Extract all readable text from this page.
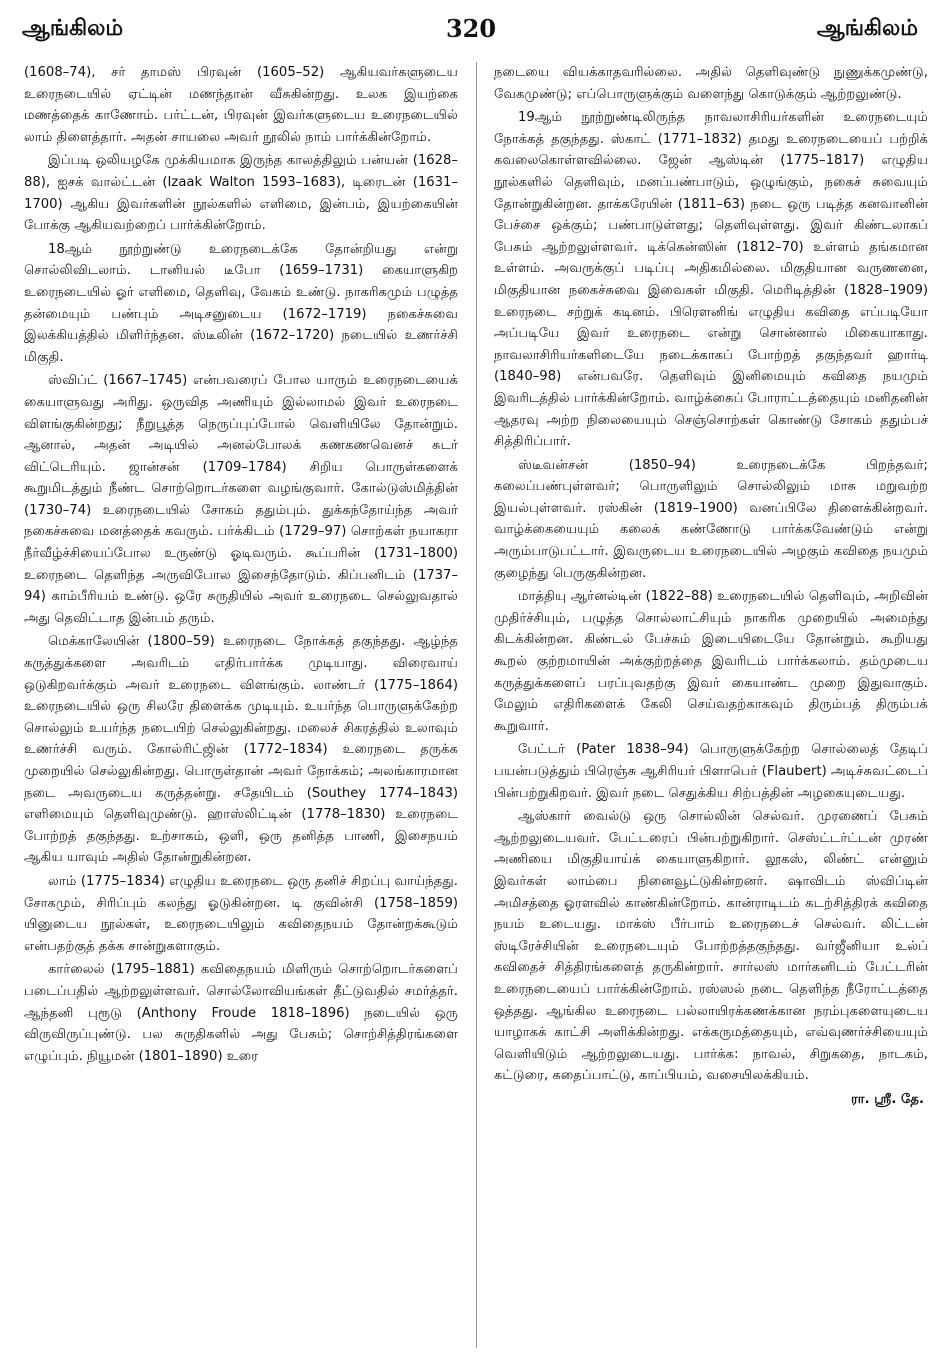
ஆங்கிலம்	320	ஆங்கிலம்

(1608–74), சர் தாமஸ் பிரவுன் (1605–52) ஆகியவர்களுடைய உரைநடையில் ஏட்டின் மணந்தான் வீசுகின்றது. உலக இயற்கை மணத்தைக் காணோம். பர்ட்டன், பிரவுன் இவர்களுடைய உரைநடையில் லாம் திளைத்தார். அதன் சாயலை அவர் நூலில் நாம் பார்க்கின்றோம்.

இப்படி ஒலியழகே முக்கியமாக இருந்த காலத்திலும் பன்யன் (1628–88), ஐசக் வால்ட்டன் (Izaak Walton 1593–1683), டிரைடன் (1631–1700) ஆகிய இவர்களின் நூல்களில் எளிமை, இன்பம், இயற்கையின் போக்கு ஆகியவற்றைப் பார்க்கின்றோம்.

18ஆம் நூற்றுண்டு உரைநடைக்கே தோன்றியது என்று சொல்லிவிடலாம். டானியல் டீபோ (1659–1731) கையாளுகிற உரைநடையில் ஓர் எளிமை, தெளிவு, வேகம் உண்டு. நாகரிகமும் பழுத்த தன்மையும் பண்பும் அடிசனுடைய (1672–1719) நகைச்சுவை இலக்கியத்தில் மிளிர்ந்தன. ஸ்டீலின் (1672–1720) நடையில் உணர்ச்சி மிகுதி.

ஸ்விப்ட் (1667–1745) என்பவரைப் போல யாரும் உரைநடையைக் கையாளுவது அரிது. ஒருவித அணியும் இல்லாமல் இவர் உரைநடை விளங்குகின்றது; நீறுபூத்த நெருப்புப்போல் வெளியிலே தோன்றும். ஆனால், அதன் அடியில் அனல்போலக் கணகணவெனச் சுடர் விட்டெரியும். ஜான்சன் (1709–1784) சிறிய பொருள்களைக் கூறுமிடத்தும் நீண்ட சொற்றொடர்களை வழங்குவார். கோல்டுஸ்மித்தின் (1730–74) உரைநடையில் சோகம் ததும்பும். துக்கந்தோய்ந்த அவர் நகைச்சுவை மனத்தைக் கவரும். பர்க்கிடம் (1729–97) சொற்கள் நயாகரா நீர்வீழ்ச்சியைப்போல உருண்டு ஓடிவரும். கூப்பரின் (1731–1800) உரைநடை தெளிந்த அருவிபோல இசைந்தோடும். கிப்பனிடம் (1737–94) காம்பீரியம் உண்டு. ஒரே சுருதியில் அவர் உரைநடை செல்லுவதால் அது தெவிட்டாத இன்பம் தரும்.

மெக்காலேயின் (1800–59) உரைநடை நோக்கத் தகுந்தது. ஆழ்ந்த கருத்துக்களை அவரிடம் எதிர்பார்க்க முடியாது. விரைவாய் ஒடுகிறவர்க்கும் அவர் உரைநடை விளங்கும். லாண்டர் (1775–1864) உரைநடையில் ஒரு சிலரே திளைக்க முடியும். உயர்ந்த பொருளுக்கேற்ற சொல்லும் உயர்ந்த நடையிற் செல்லுகின்றது. மலைச் சிகரத்தில் உலாவும் உணர்ச்சி வரும். கோல்ரிட்ஜின் (1772–1834) உரைநடை தருக்க முறையில் செல்லுகின்றது. பொருள்தான் அவர் நோக்கம்; அலங்காரமான நடை அவருடைய கருத்தன்று. சதேயிடம் (Southey 1774–1843) எளிமையும் தெளிவுமுண்டு. ஹாஸ்லிட்டின் (1778–1830) உரைநடை போற்றத் தகுந்தது. உற்சாகம், ஒளி, ஒரு தனித்த பாணி, இசைநயம் ஆகிய யாவும் அதில் தோன்றுகின்றன.

லாம் (1775–1834) எழுதிய உரைநடை ஒரு தனிச் சிறப்பு வாய்ந்தது. சோகமும், சிரிப்பும் கலந்து ஓடுகின்றன. டி குவின்சி (1758–1859) யினுடைய நூல்கள், உரைநடையிலும் கவிதைநயம் தோன்றக்கூடும் என்பதற்குத் தக்க சான்றுகளாகும்.

கார்லைல் (1795–1881) கவிதைநயம் மிளிரும் சொற்றொடர்களைப் படைப்பதில் ஆற்றலுள்ளவர். சொல்லோவியங்கள் தீட்டுவதில் சமர்த்தர். ஆந்தனி புரூடு (Anthony Froude 1818–1896) நடையில் ஒரு விருவிருப்புண்டு. பல சுருதிகளில் அது பேசும்; சொற்சித்திரங்களை எழுப்பும். நியூமன் (1801–1890) உரை

நடையை வியக்காதவரில்லை. அதில் தெளிவுண்டு நுணுக்கமுண்டு, வேகமுண்டு; எப்பொருளுக்கும் வளைந்து கொடுக்கும் ஆற்றலுண்டு.

19ஆம் நூற்றுண்டிலிருந்த நாவலாசிரியர்களின் உரைநடையும் நோக்கத் தகுந்தது. ஸ்காட் (1771–1832) தமது உரைநடையைப் பற்றிக் கவலைகொள்ளவில்லை. ஜேன் ஆஸ்டின் (1775–1817) எழுதிய நூல்களில் தெளிவும், மனப்பண்பாடும், ஒழுங்கும், நகைச் சுவையும் தோன்றுகின்றன. தாக்கரேயின் (1811–63) நடை ஒரு படித்த கனவானின் பேச்சை ஒக்கும்; பண்பாடுள்ளது; தெளிவுள்ளது. இவர் கிண்டலாகப் பேசும் ஆற்றலுள்ளவர். டிக்கென்ஸின் (1812–70) உள்ளம் தங்கமான உள்ளம். அவருக்குப் படிப்பு அதிகமில்லை. மிகுதியான வருணனை, மிகுதியான நகைச்சுவை இவைகள் மிகுதி. மெரிடித்தின் (1828–1909) உரைநடை சற்றுக் கடினம். பிரௌனிங் எழுதிய கவிதை எப்படியோ அப்படியே இவர் உரைநடை என்று சொன்னால் மிகையாகாது. நாவலாசிரியர்களிடையே நடைக்காகப் போற்றத் தகுந்தவர் ஹார்டி (1840–98) என்பவரே. தெளிவும் இனிமையும் கவிதை நயமும் இவரிடத்தில் பார்க்கின்றோம். வாழ்க்கைப் போராட்டத்தையும் மனிதனின் ஆதரவு அற்ற நிலையையும் செஞ்சொற்கள் கொண்டு சோகம் ததும்பச் சித்திரிப்பார்.

ஸ்டீவன்சன் (1850–94) உரைநடைக்கே பிறந்தவர்; கலைப்பண்புள்ளவர்; பொருளிலும் சொல்லிலும் மாசு மறுவற்ற இயல்புள்ளவர். ரஸ்கின் (1819–1900) வனப்பிலே திளைக்கின்றவர். வாழ்க்கையையும் கலைக் கண்ணோடு பார்க்கவேண்டும் என்று அரும்பாடுபட்டார். இவருடைய உரைநடையில் அழகும் கவிதை நயமும் குழைந்து பெருகுகின்றன.

மாத்தியு ஆர்னல்டின் (1822–88) உரைநடையில் தெளிவும், அறிவின் முதிர்ச்சியும், பழுத்த சொல்லாட்சியும் நாகரிக முறையில் அமைந்து கிடக்கின்றன. கிண்டல் பேச்சும் இடையிடையே தோன்றும். கூறியது கூறல் குற்றமாயின் அக்குற்றத்தை இவரிடம் பார்க்கலாம். தம்முடைய கருத்துக்களைப் பரப்புவதற்கு இவர் கையாண்ட முறை இதுவாகும். மேலும் எதிரிகளைக் கேலி செய்வதற்காகவும் திரும்பத் திரும்பக் கூறுவார்.

பேட்டர் (Pater 1838–94) பொருளுக்கேற்ற சொல்லைத் தேடிப் பயன்படுத்தும் பிரெஞ்சு ஆசிரியர் பிளாபெர் (Flaubert) அடிச்சுவட்டைப் பின்பற்றுகிறவர். இவர் நடை செதுக்கிய சிற்பத்தின் அழகையுடையது.

ஆஸ்கார் வைல்டு ஒரு சொல்லின் செல்வர். முரணைப் பேசும் ஆற்றலுடையவர். பேட்டரைப் பின்பற்றுகிறார். செஸ்ட்டர்ட்டன் முரண் அணியை மிகுதியாய்க் கையாளுகிறார். லூகஸ், லிண்ட் என்னும் இவர்கள் லாம்பை நினைவூட்டுகின்றனர். ஷாவிடம் ஸ்விப்டின் அமிசத்தை ஓரளவில் காண்கின்றோம். கான்ராடிடம் கடற்சித்திரக் கவிதை நயம் உடையது. மாக்ஸ் பீர்பாம் உரைநடைச் செல்வர். லிட்டன் ஸ்டிரேச்சியின் உரைநடையும் போற்றத்தகுந்தது. வர்ஜீனியா உல்ப் கவிதைச் சித்திரங்களைத் தருகின்றார். சார்லஸ் மார்கனிடம் பேட்டரின் உரைநடையைப் பார்க்கின்றோம். ரஸ்ஸல் நடை தெளிந்த நீரோட்டத்தை ஒத்தது. ஆங்கில உரைநடை பல்லாயிரக்கணக்கான நரம்புகளையுடைய யாழாகக் காட்சி அளிக்கின்றது. எக்கருமத்தையும், எவ்வுணர்ச்சியையும் வெளியிடும் ஆற்றலுடையது. பார்க்க: நாவல், சிறுகதை, நாடகம், கட்டுரை, கதைப்பாட்டு, காப்பியம், வசையிலக்கியம்.

ரா. ஸ்ரீ. தே.
